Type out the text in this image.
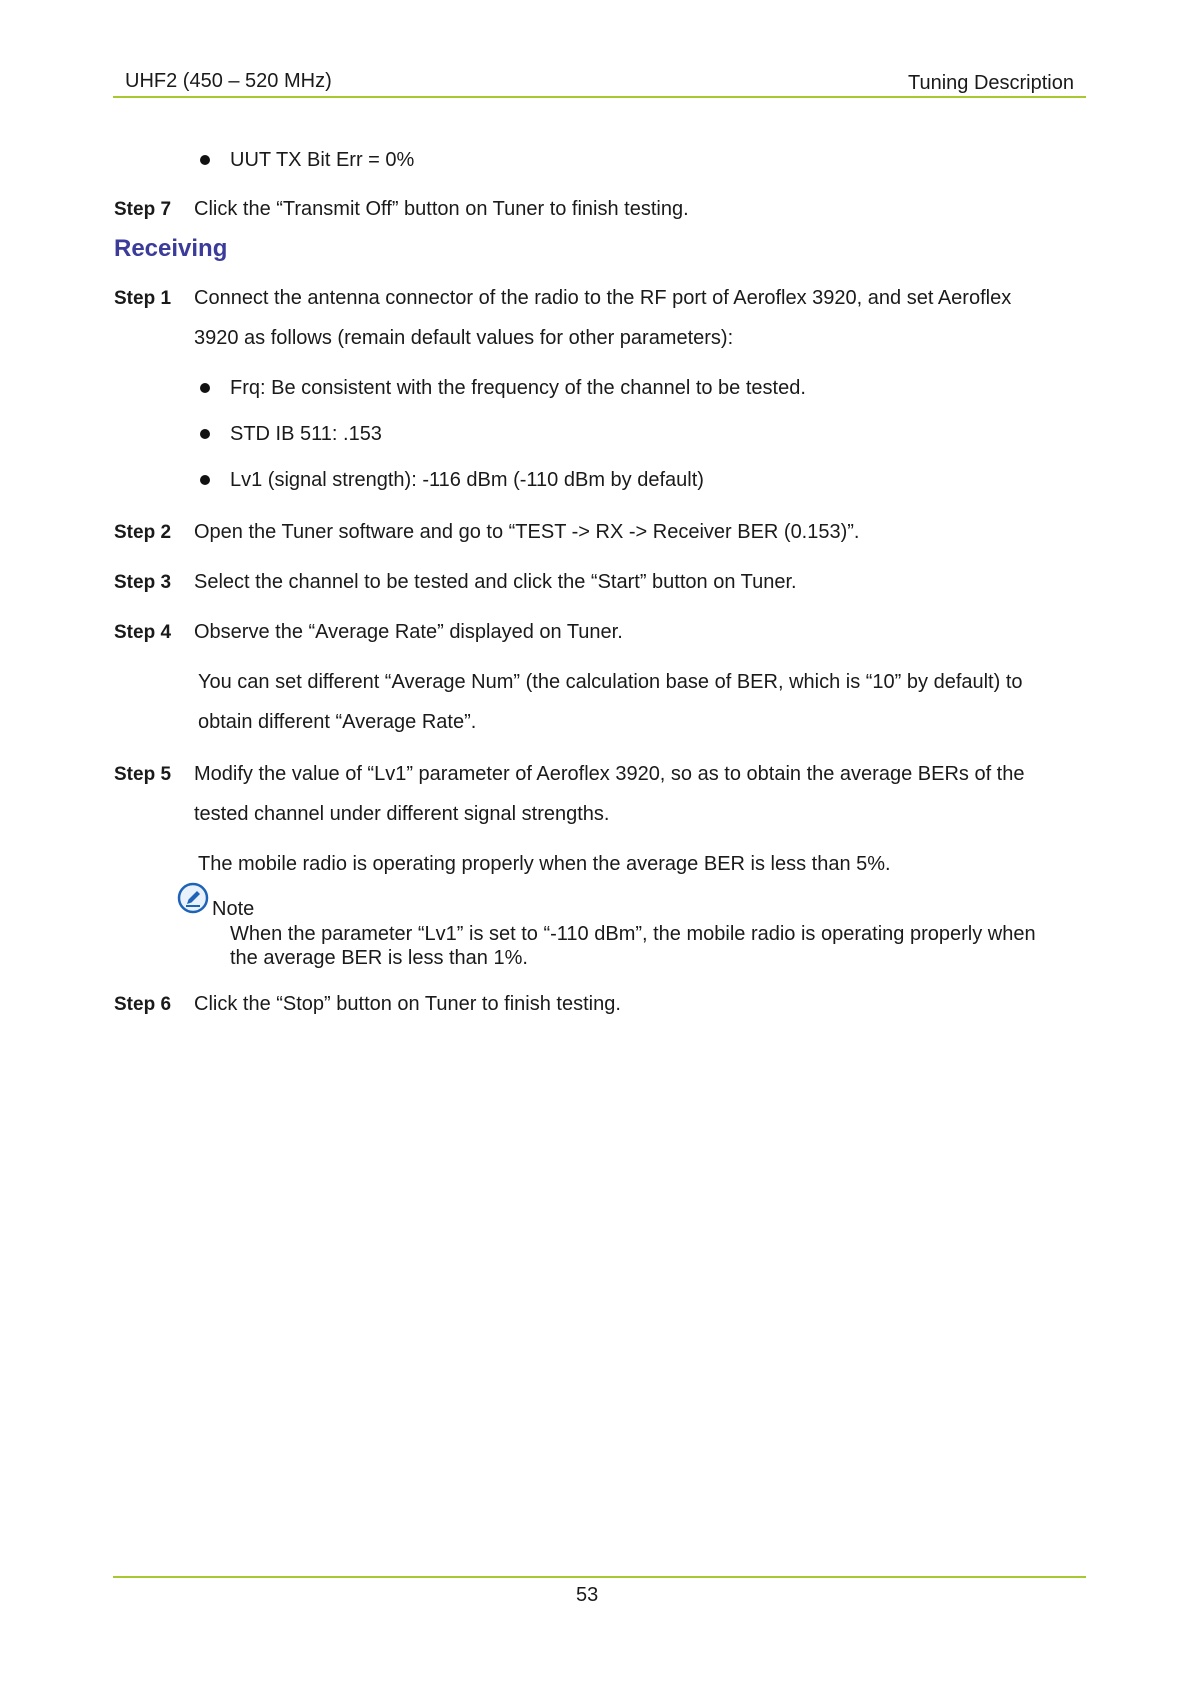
UHF2 (450 – 520 MHz)	Tuning Description
UUT TX Bit Err = 0%
Step 7 Click the “Transmit Off” button on Tuner to finish testing.
Receiving
Step 1 Connect the antenna connector of the radio to the RF port of Aeroflex 3920, and set Aeroflex
3920 as follows (remain default values for other parameters):
Frq: Be consistent with the frequency of the channel to be tested.
STD IB 511: .153
Lv1 (signal strength): -116 dBm (-110 dBm by default)
Step 2 Open the Tuner software and go to “TEST -> RX -> Receiver BER (0.153)”.
Step 3 Select the channel to be tested and click the “Start” button on Tuner.
Step 4 Observe the “Average Rate” displayed on Tuner.
You can set different “Average Num” (the calculation base of BER, which is “10” by default) to
obtain different “Average Rate”.
Step 5 Modify the value of “Lv1” parameter of Aeroflex 3920, so as to obtain the average BERs of the
tested channel under different signal strengths.
The mobile radio is operating properly when the average BER is less than 5%.
Note
When the parameter “Lv1” is set to “-110 dBm”, the mobile radio is operating properly when
the average BER is less than 1%.
Step 6 Click the “Stop” button on Tuner to finish testing.
53
